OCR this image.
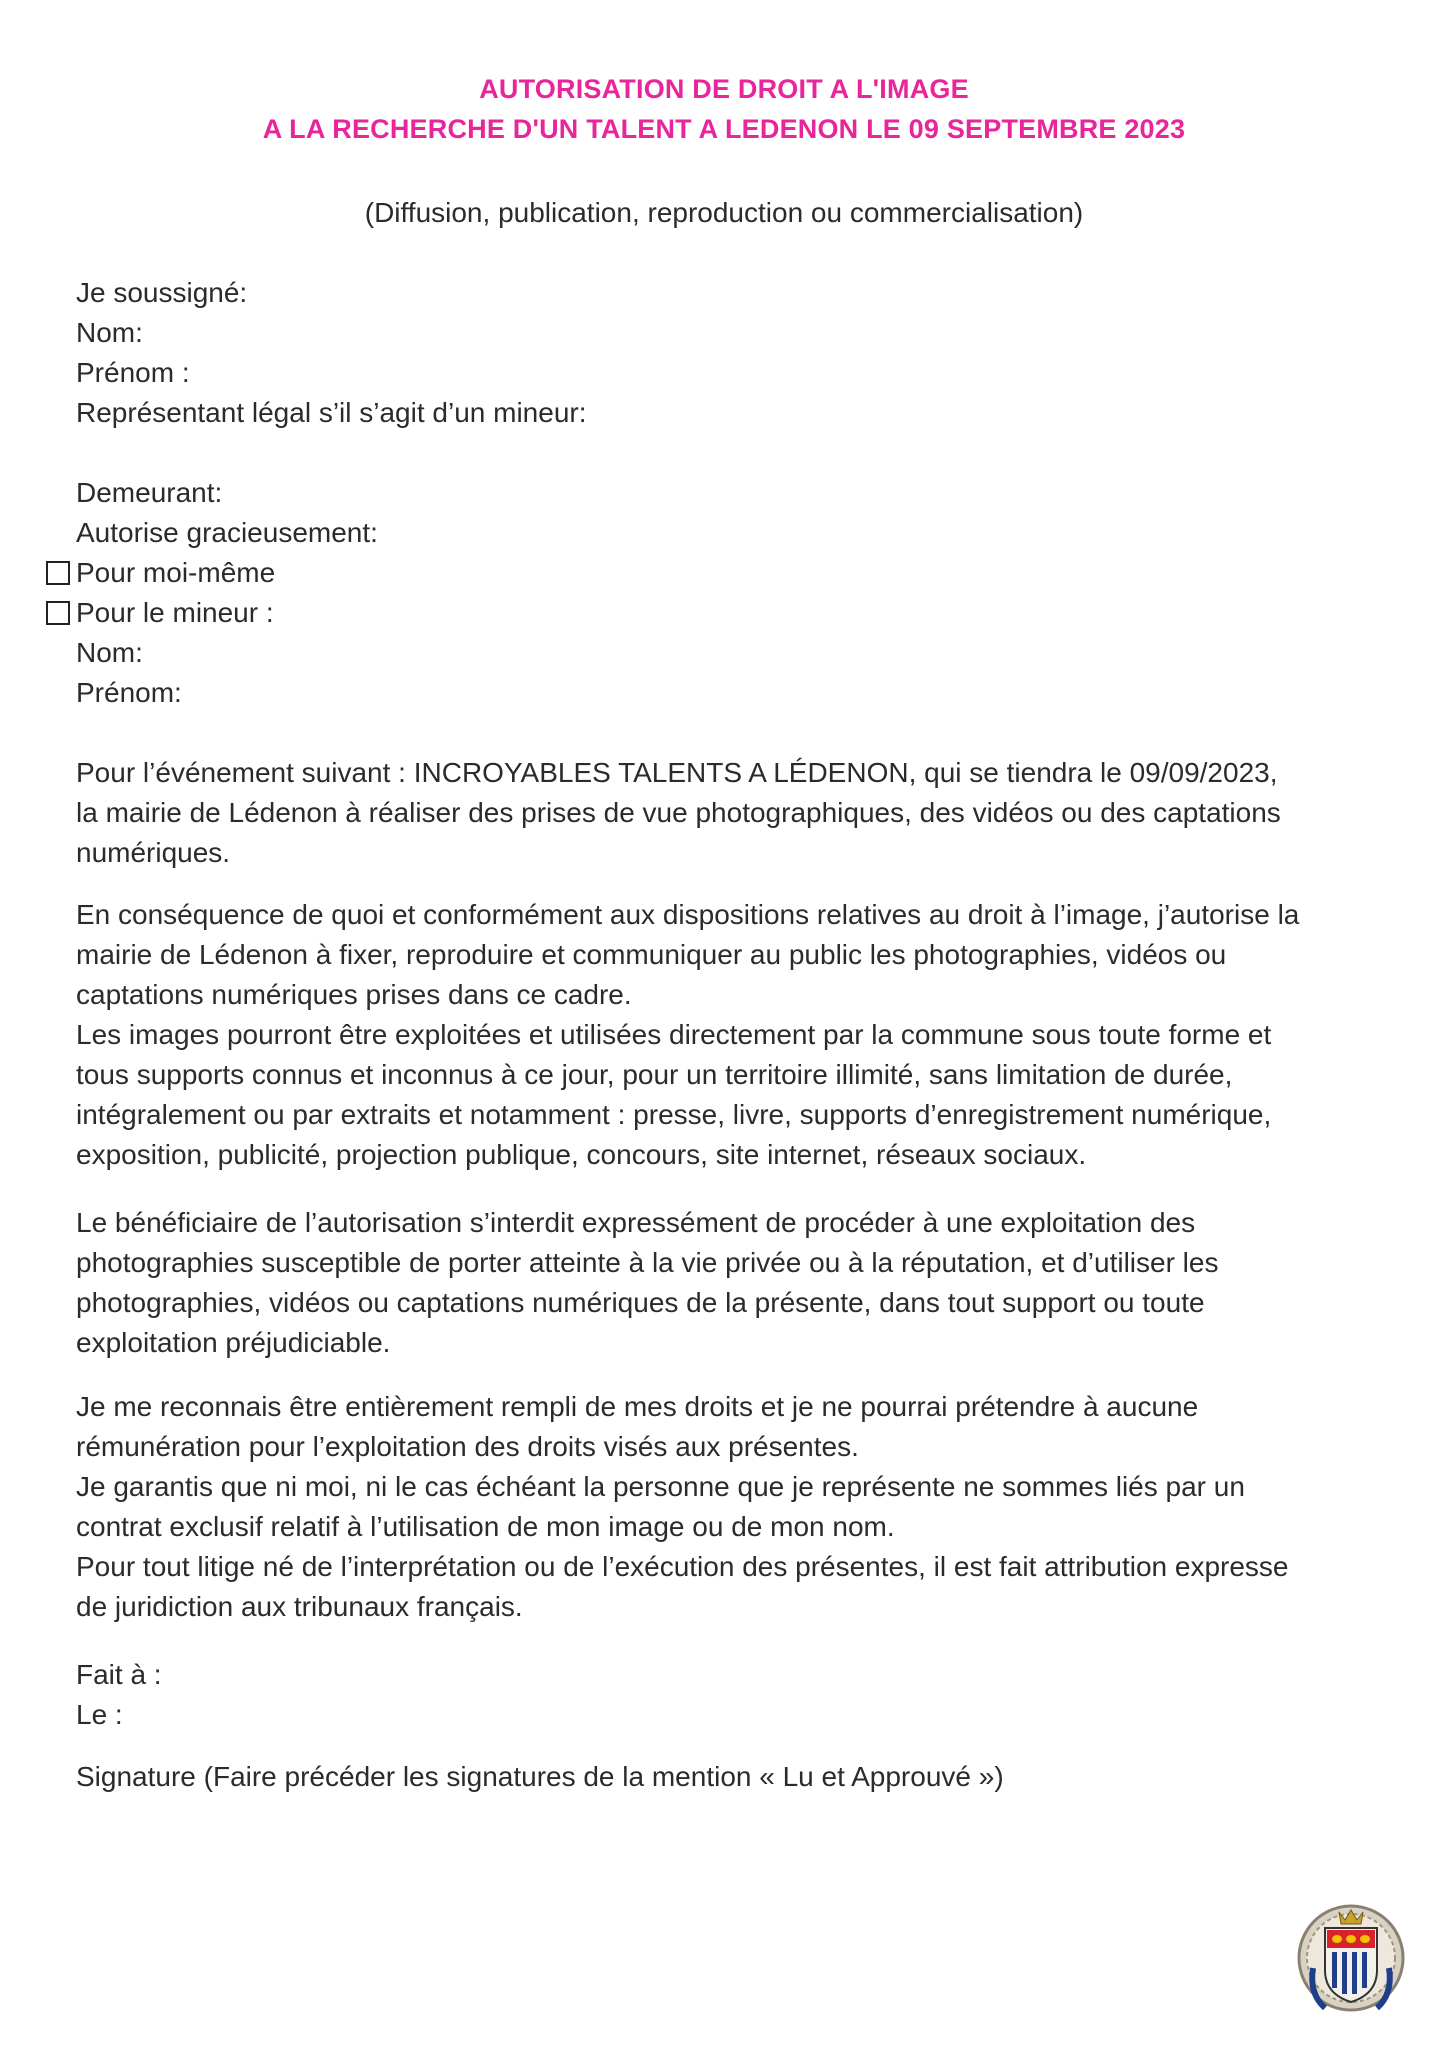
AUTORISATION DE DROIT A L'IMAGE
A LA RECHERCHE D'UN TALENT A LEDENON LE 09 SEPTEMBRE 2023
(Diffusion, publication, reproduction ou commercialisation)
Je soussigné:
Nom:
Prénom :
Représentant légal s’il s’agit d’un mineur:
Demeurant:
Autorise gracieusement:
Pour moi-même
Pour le mineur :
Nom:
Prénom:
Pour l’événement suivant : INCROYABLES TALENTS A LÉDENON, qui se tiendra le 09/09/2023,
la mairie de Lédenon à réaliser des prises de vue photographiques, des vidéos ou des captations
numériques.
En conséquence de quoi et conformément aux dispositions relatives au droit à l’image, j’autorise la
mairie de Lédenon à fixer, reproduire et communiquer au public les photographies, vidéos ou
captations numériques prises dans ce cadre.
Les images pourront être exploitées et utilisées directement par la commune sous toute forme et
tous supports connus et inconnus à ce jour, pour un territoire illimité, sans limitation de durée,
intégralement ou par extraits et notamment : presse, livre, supports d’enregistrement numérique,
exposition, publicité, projection publique, concours, site internet, réseaux sociaux.
Le bénéficiaire de l’autorisation s’interdit expressément de procéder à une exploitation des
photographies susceptible de porter atteinte à la vie privée ou à la réputation, et d’utiliser les
photographies, vidéos ou captations numériques de la présente, dans tout support ou toute
exploitation préjudiciable.
Je me reconnais être entièrement rempli de mes droits et je ne pourrai prétendre à aucune
rémunération pour l’exploitation des droits visés aux présentes.
Je garantis que ni moi, ni le cas échéant la personne que je représente ne sommes liés par un
contrat exclusif relatif à l’utilisation de mon image ou de mon nom.
Pour tout litige né de l’interprétation ou de l’exécution des présentes, il est fait attribution expresse
de juridiction aux tribunaux français.
Fait à :
Le :
Signature (Faire précéder les signatures de la mention « Lu et Approuvé »)
